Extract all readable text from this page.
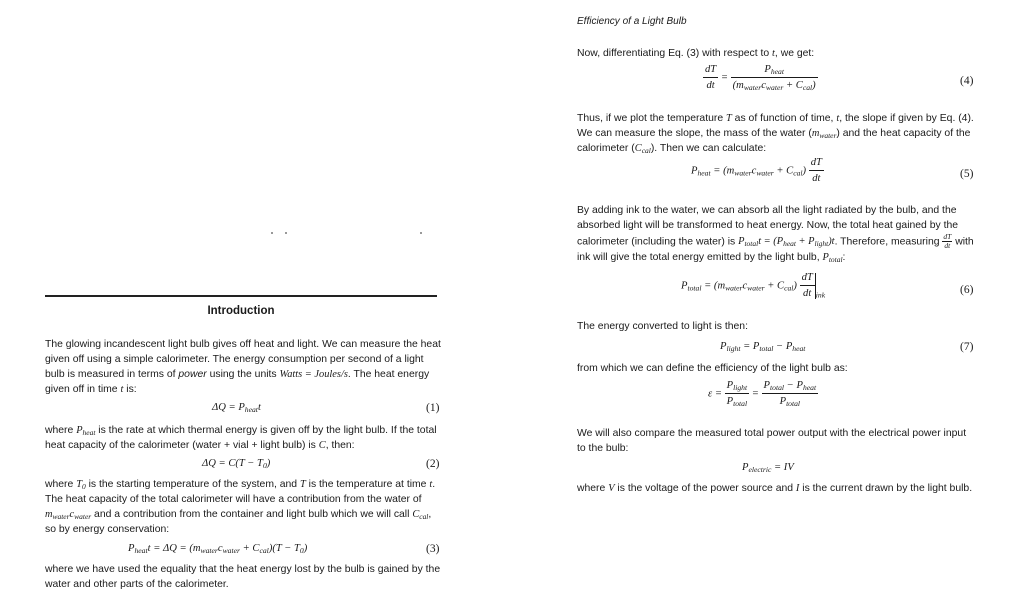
Introduction

The glowing incandescent light bulb gives off heat and light. We can measure the heat given off using a simple calorimeter. The energy consumption per second of a light bulb is measured in terms of power using the units Watts = Joules/s. The heat energy given off in time t is:

$\Delta Q = P_{heat}t$	(1)

where $P_{heat}$ is the rate at which thermal energy is given off by the light bulb. If the total heat capacity of the calorimeter (water + vial + light bulb) is C, then:

$\Delta Q = C(T - T_0)$	(2)

where $T_0$ is the starting temperature of the system, and T is the temperature at time t. The heat capacity of the total calorimeter will have a contribution from the water of $m_{water}c_{water}$ and a contribution from the container and light bulb which we will call $C_{cal}$, so by energy conservation:

$P_{heat}t = \Delta Q = (m_{water}c_{water} + C_{cal})(T - T_0)$	(3)

where we have used the equality that the heat energy lost by the bulb is gained by the water and other parts of the calorimeter.

Efficiency of a Light Bulb

Now, differentiating Eq. (3) with respect to t, we get:

$\frac{dT}{dt} = \frac{P_{heat}}{(m_{water}c_{water} + C_{cal})}$	(4)

Thus, if we plot the temperature T as of function of time, t, the slope if given by Eq. (4). We can measure the slope, the mass of the water $(m_{water})$ and the heat capacity of the calorimeter $(C_{cal})$. Then we can calculate:

$P_{heat} = (m_{water}c_{water} + C_{cal}) \frac{dT}{dt}$	(5)

By adding ink to the water, we can absorb all the light radiated by the bulb, and the absorbed light will be transformed to heat energy. Now, the total heat gained by the calorimeter (including the water) is $P_{total}t = (P_{heat} + P_{light})t$. Therefore, measuring $\frac{dT}{dt}$ with ink will give the total energy emitted by the light bulb, $P_{total}$:

$P_{total} = (m_{water}c_{water} + C_{cal}) \frac{dT}{dt} _{ink}$	(6)

The energy converted to light is then:

$P_{light} = P_{total} - P_{heat}$	(7)

from which we can define the efficiency of the light bulb as:

$\varepsilon = \frac{P_{light}}{P_{total}} = \frac{P_{total} - P_{heat}}{P_{total}}$

We will also compare the measured total power output with the electrical power input to the bulb:

$P_{electric}$ = IV

where V is the voltage of the power source and I is the current drawn by the light bulb.
